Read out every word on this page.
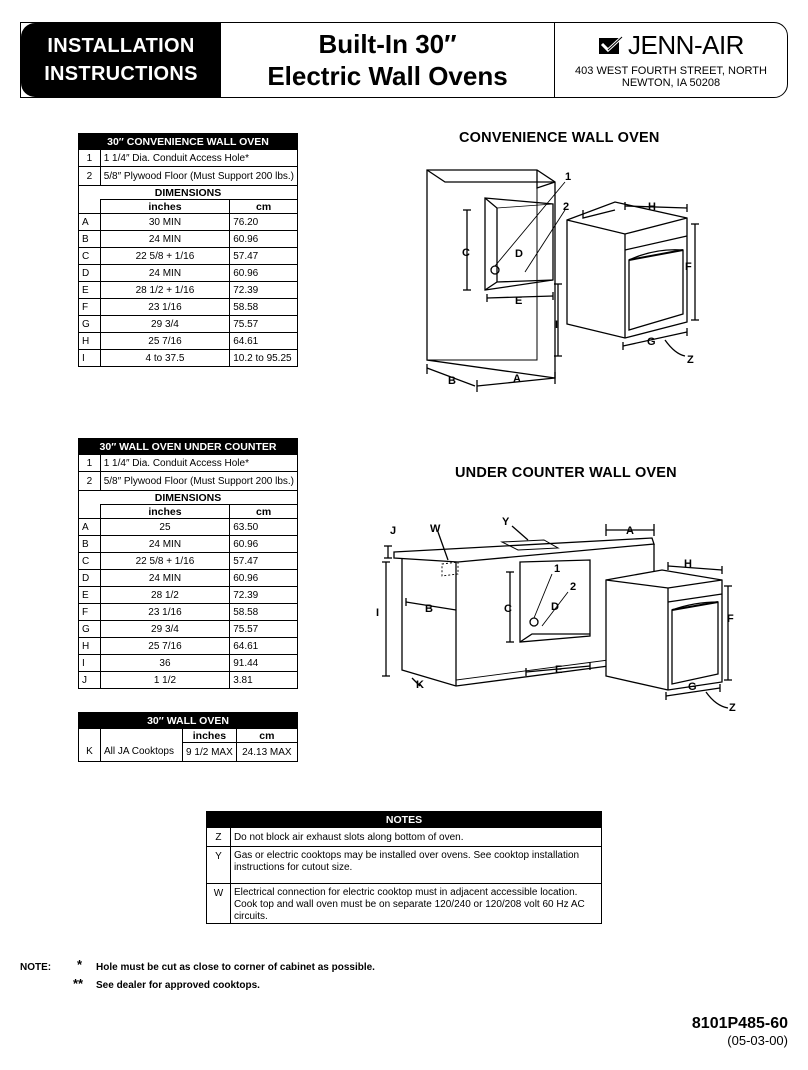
INSTALLATION
INSTRUCTIONS
Built-In 30″
Electric Wall Ovens
JENN-AIR
403 WEST FOURTH STREET, NORTH
NEWTON, IA 50208
30″ CONVENIENCE WALL OVEN		
1	1 1/4″ Dia. Conduit Access Hole*	
2	5/8″ Plywood Floor (Must Support 200 lbs.)	
DIMENSIONS		
	inches	cm
A	30 MIN	76.20
B	24 MIN	60.96
C	22 5/8 + 1/16	57.47
D	24 MIN	60.96
E	28 1/2 + 1/16	72.39
F	23 1/16	58.58
G	29 3/4	75.57
H	25 7/16	64.61
I	4 to 37.5	10.2 to 95.25
30″ WALL OVEN UNDER COUNTER		
1	1 1/4″ Dia. Conduit Access Hole*	
2	5/8″ Plywood Floor (Must Support 200 lbs.)	
DIMENSIONS		
	inches	cm
A	25	63.50
B	24 MIN	60.96
C	22 5/8 + 1/16	57.47
D	24 MIN	60.96
E	28 1/2	72.39
F	23 1/16	58.58
G	29 3/4	75.57
H	25 7/16	64.61
I	36	91.44
J	1 1/2	3.81
30″ WALL OVEN			
		inches	cm
K	All JA Cooktops	9 1/2 MAX	24.13 MAX
CONVENIENCE WALL OVEN
1
2
C	D
E
I
B	A
H
F
G
Z
UNDER COUNTER WALL OVEN
J	W
Y
A
I	B	C
1
2
D
E
K
H
F
G
Z
NOTES	
Z	Do not block air exhaust slots along bottom of oven.
Y	Gas or electric cooktops may be installed over ovens. See cooktop installation instructions for cutout size.
W	Electrical connection for electric cooktop must in adjacent accessible location. Cook top and wall oven must be on separate 120/240 or 120/208 volt 60 Hz AC circuits.
NOTE: * Hole must be cut as close to corner of cabinet as possible.
** See dealer for approved cooktops.
8101P485-60
(05-03-00)
